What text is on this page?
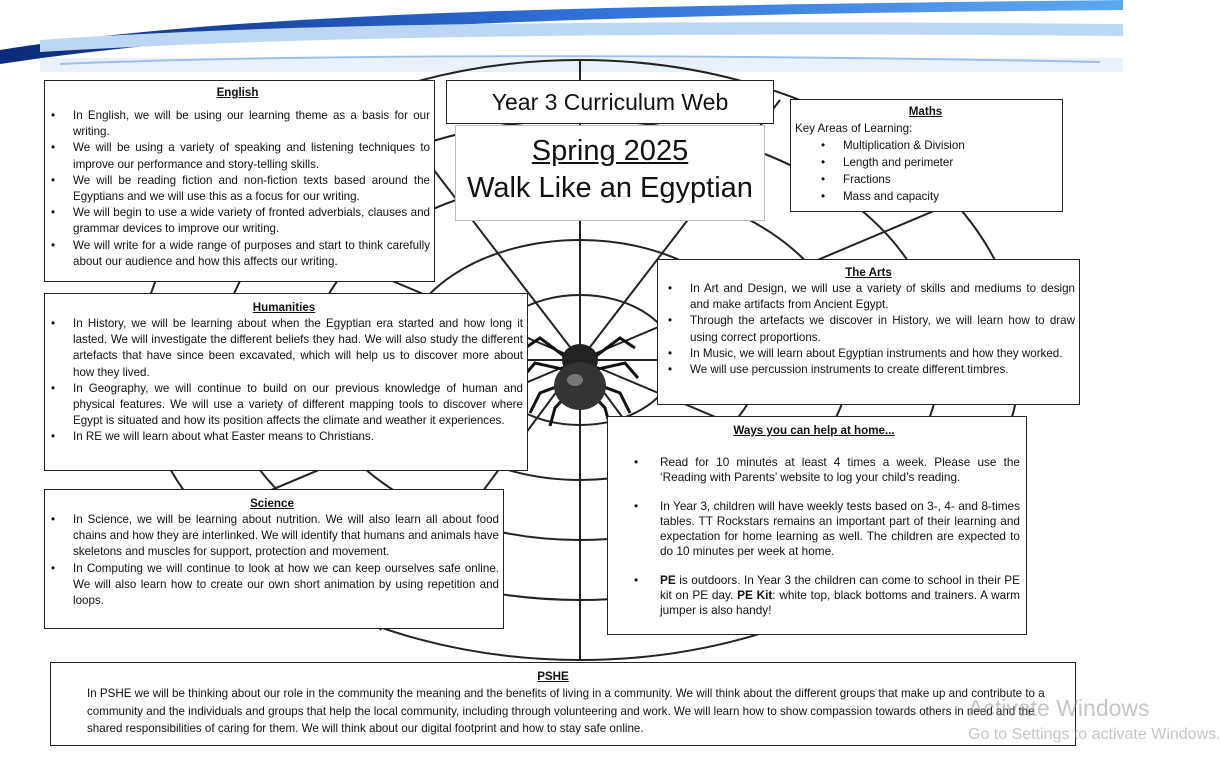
Year 3 Curriculum Web
Spring 2025
Walk Like an Egyptian
English
• In English, we will be using our learning theme as a basis for our writing.
• We will be using a variety of speaking and listening techniques to improve our performance and story-telling skills.
• We will be reading fiction and non-fiction texts based around the Egyptians and we will use this as a focus for our writing.
• We will begin to use a wide variety of fronted adverbials, clauses and grammar devices to improve our writing.
• We will write for a wide range of purposes and start to think carefully about our audience and how this affects our writing.
Maths
Key Areas of Learning:
• Multiplication & Division
• Length and perimeter
• Fractions
• Mass and capacity
Humanities
• In History, we will be learning about when the Egyptian era started and how long it lasted. We will investigate the different beliefs they had. We will also study the different artefacts that have since been excavated, which will help us to discover more about how they lived.
• In Geography, we will continue to build on our previous knowledge of human and physical features. We will use a variety of different mapping tools to discover where Egypt is situated and how its position affects the climate and weather it experiences.
• In RE we will learn about what Easter means to Christians.
The Arts
• In Art and Design, we will use a variety of skills and mediums to design and make artifacts from Ancient Egypt.
• Through the artefacts we discover in History, we will learn how to draw using correct proportions.
• In Music, we will learn about Egyptian instruments and how they worked.
• We will use percussion instruments to create different timbres.
Science
• In Science, we will be learning about nutrition. We will also learn all about food chains and how they are interlinked. We will identify that humans and animals have skeletons and muscles for support, protection and movement.
• In Computing we will continue to look at how we can keep ourselves safe online. We will also learn how to create our own short animation by using repetition and loops.
Ways you can help at home...
• Read for 10 minutes at least 4 times a week. Please use the ‘Reading with Parents’ website to log your child’s reading.

• In Year 3, children will have weekly tests based on 3-, 4- and 8-times tables. TT Rockstars remains an important part of their learning and expectation for home learning as well. The children are expected to do 10 minutes per week at home.

• PE is outdoors. In Year 3 the children can come to school in their PE kit on PE day. PE Kit: white top, black bottoms and trainers. A warm jumper is also handy!
PSHE
In PSHE we will be thinking about our role in the community the meaning and the benefits of living in a community. We will think about the different groups that make up and contribute to a community and the individuals and groups that help the local community, including through volunteering and work. We will learn how to show compassion towards others in need and the shared responsibilities of caring for them. We will think about our digital footprint and how to stay safe online.
Activate Windows
Go to Settings to activate Windows.
